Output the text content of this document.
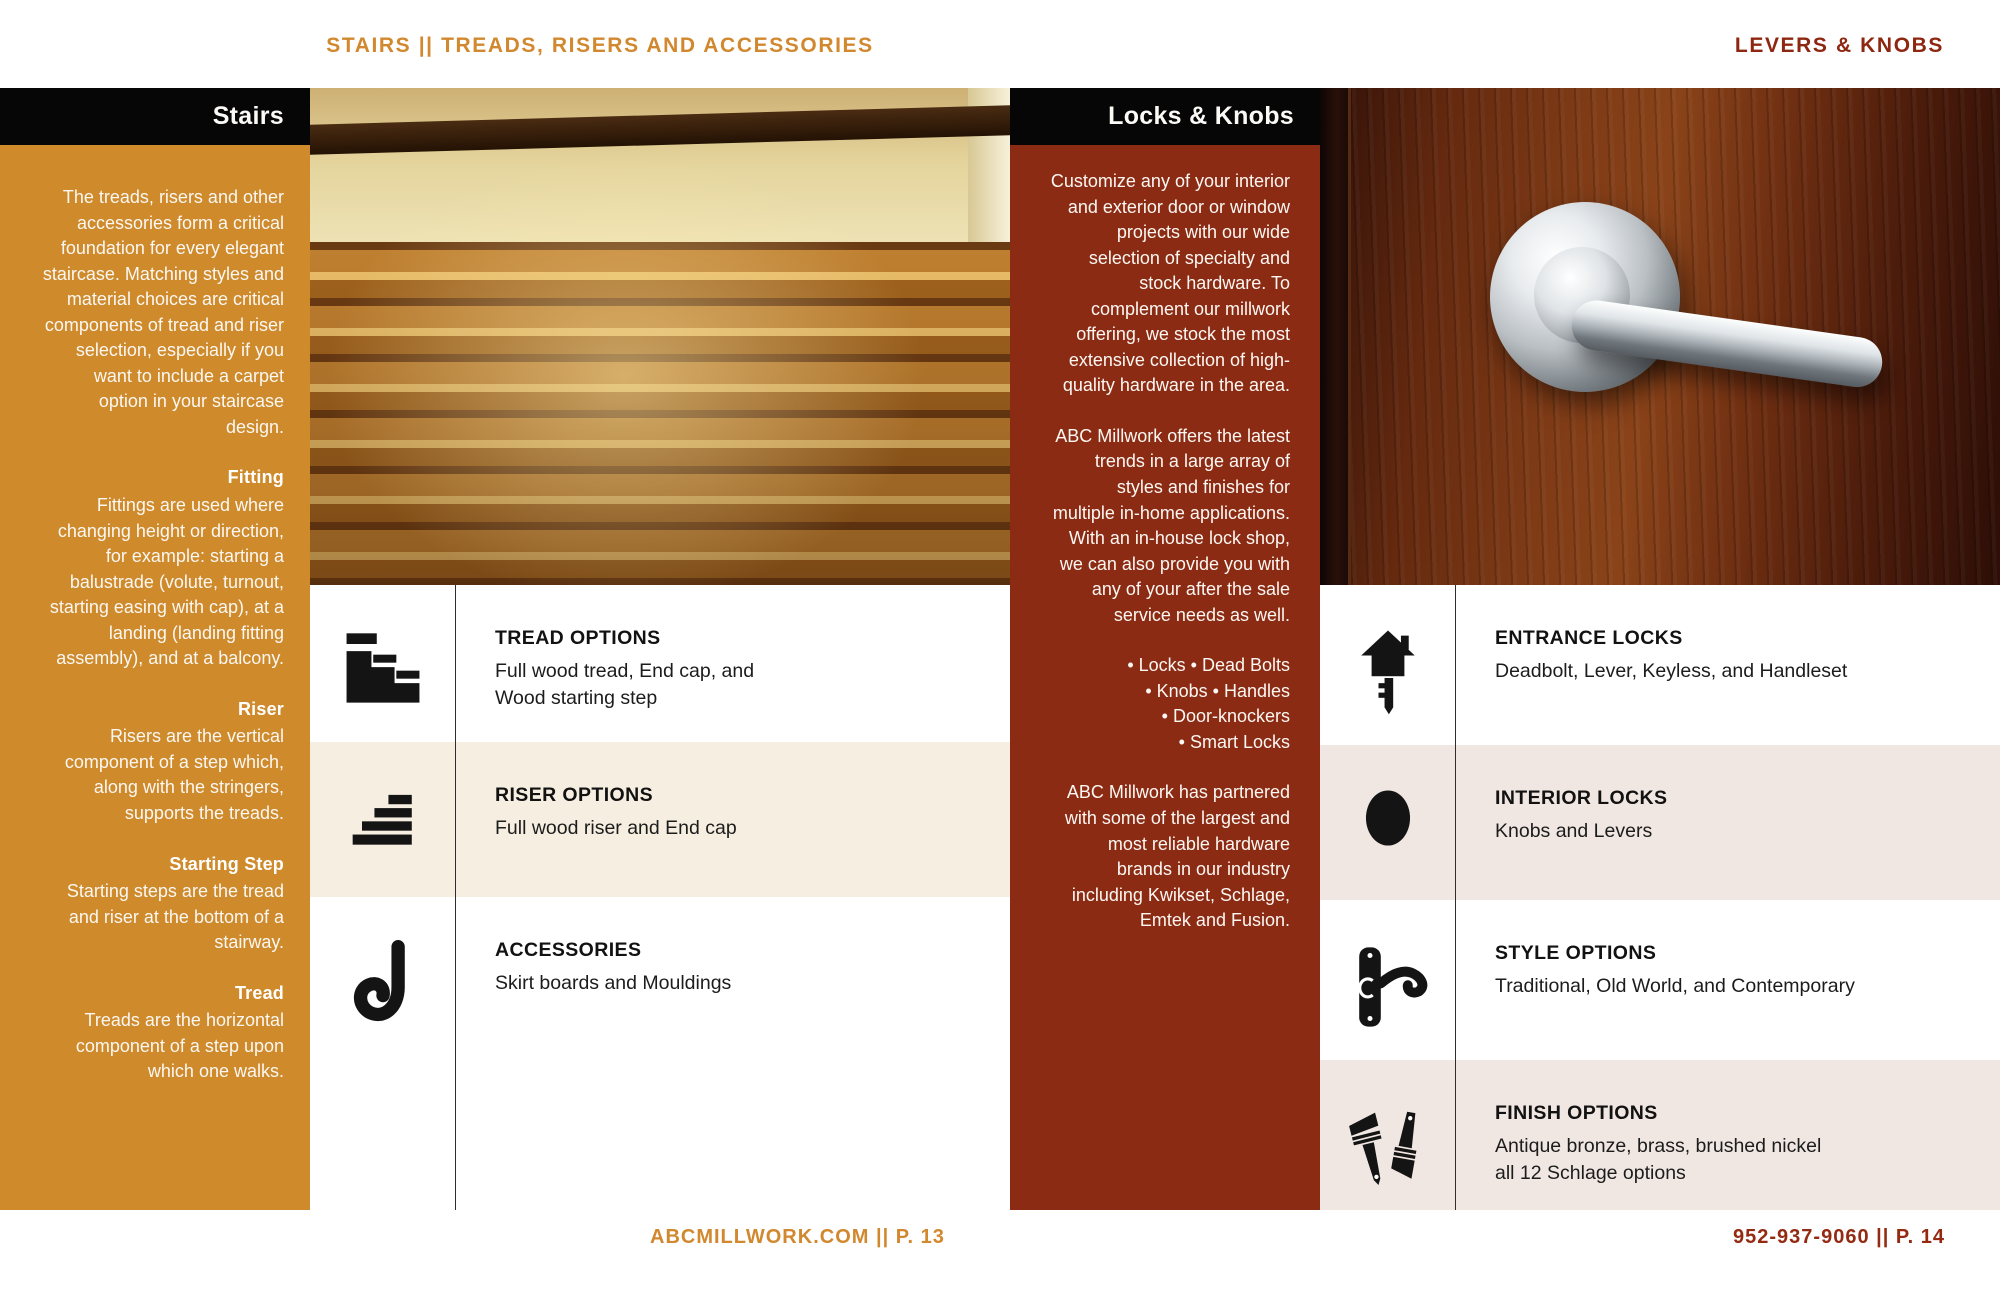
STAIRS || TREADS, RISERS AND ACCESSORIES	LEVERS & KNOBS
Stairs

The treads, risers and other accessories form a critical foundation for every elegant staircase. Matching styles and material choices are critical components of tread and riser selection, especially if you want to include a carpet option in your staircase design.

Fitting

Fittings are used where changing height or direction, for example: starting a balustrade (volute, turnout, starting easing with cap), at a landing (landing fitting assembly), and at a balcony.

Riser

Risers are the vertical component of a step which, along with the stringers, supports the treads.

Starting Step

Starting steps are the tread and riser at the bottom of a stairway.

Tread

Treads are the horizontal component of a step upon which one walks.

Locks & Knobs

Customize any of your interior and exterior door or window projects with our wide selection of specialty and stock hardware. To complement our millwork offering, we stock the most extensive collection of high-quality hardware in the area.

ABC Millwork offers the latest trends in a large array of styles and finishes for multiple in-home applications. With an in-house lock shop, we can also provide you with any of your after the sale service needs as well.

• Locks • Dead Bolts
• Knobs • Handles
• Door-knockers
• Smart Locks

ABC Millwork has partnered with some of the largest and most reliable hardware brands in our industry including Kwikset, Schlage, Emtek and Fusion.

TREAD OPTIONS
Full wood tread, End cap, and
Wood starting step
RISER OPTIONS
Full wood riser and End cap
ACCESSORIES
Skirt boards and Mouldings
ENTRANCE LOCKS
Deadbolt, Lever, Keyless, and Handleset
INTERIOR LOCKS
Knobs and Levers
STYLE OPTIONS
Traditional, Old World, and Contemporary
FINISH OPTIONS
Antique bronze, brass, brushed nickel
all 12 Schlage options
ABCMILLWORK.COM || P. 13	952-937-9060 || P. 14
